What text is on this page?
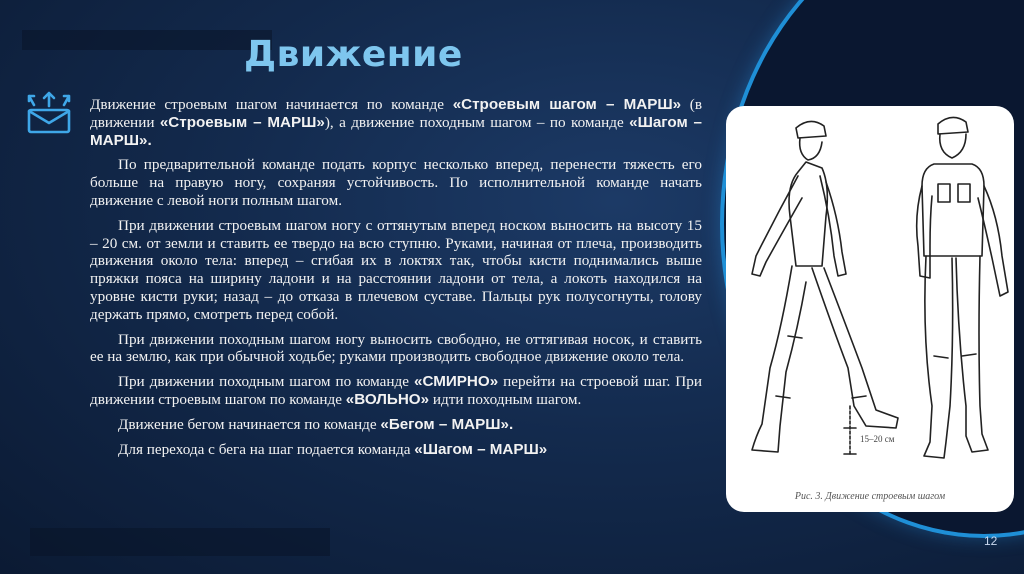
Движение

Движение строевым шагом начинается по команде «Строевым шагом – МАРШ» (в движении «Строевым – МАРШ»), а движение походным шагом – по команде «Шагом – МАРШ».

По предварительной команде подать корпус несколько вперед, перенести тяжесть его больше на правую ногу, сохраняя устойчивость. По исполнительной команде начать движение с левой ноги полным шагом.

При движении строевым шагом ногу с оттянутым вперед носком выносить на высоту 15 – 20 см. от земли и ставить ее твердо на всю ступню. Руками, начиная от плеча, производить движения около тела: вперед – сгибая их в локтях так, чтобы кисти поднимались выше пряжки пояса на ширину ладони и на расстоянии ладони от тела, а локоть находился на уровне кисти руки; назад – до отказа в плечевом суставе. Пальцы рук полусогнуты, голову держать прямо, смотреть перед собой.

При движении походным шагом ногу выносить свободно, не оттягивая носок, и ставить ее на землю, как при обычной ходьбе; руками производить свободное движение около тела.

При движении походным шагом по команде «СМИРНО» перейти на строевой шаг. При движении строевым шагом по команде «ВОЛЬНО» идти походным шагом.

Движение бегом начинается по команде «Бегом – МАРШ».

Для перехода с бега на шаг подается команда «Шагом – МАРШ»

15–20 см
Рис. 3. Движение строевым шагом
12
